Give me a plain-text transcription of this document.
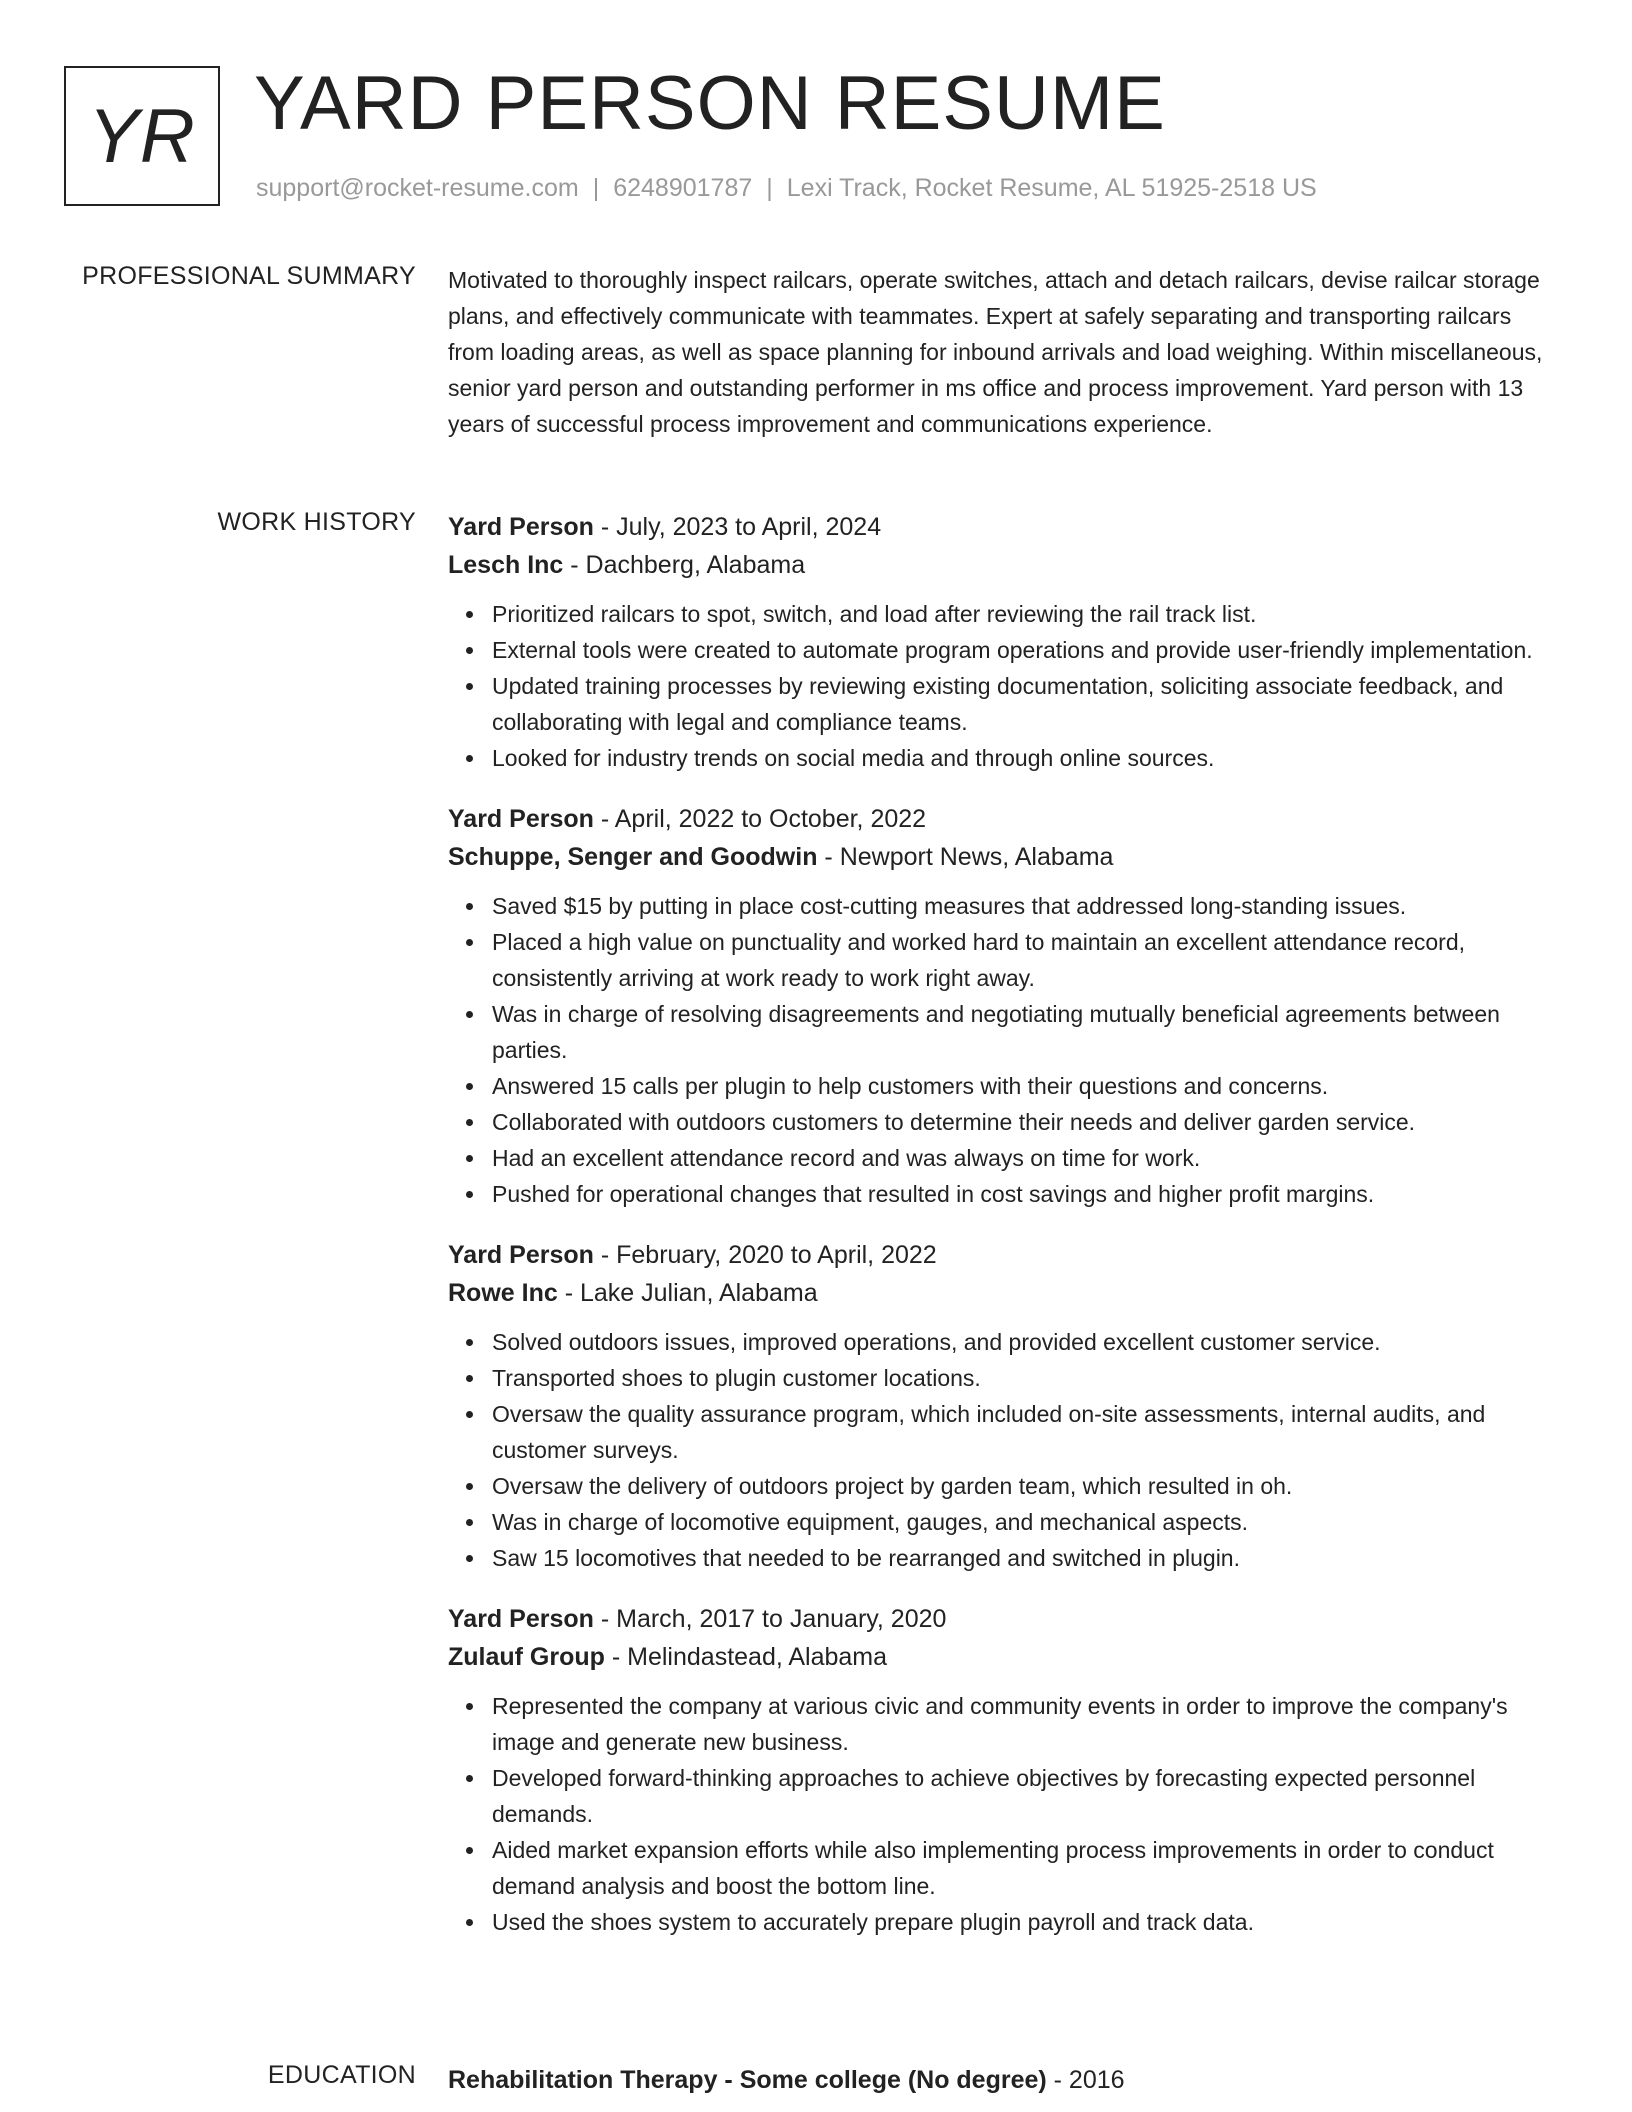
YR YARD PERSON RESUME
support@rocket-resume.com | 6248901787 | Lexi Track, Rocket Resume, AL 51925-2518 US
PROFESSIONAL SUMMARY Motivated to thoroughly inspect railcars, operate switches, attach and detach railcars, devise railcar storage plans, and effectively communicate with teammates. Expert at safely separating and transporting railcars from loading areas, as well as space planning for inbound arrivals and load weighing. Within miscellaneous, senior yard person and outstanding performer in ms office and process improvement. Yard person with 13 years of successful process improvement and communications experience.

WORK HISTORY Yard Person - July, 2023 to April, 2024
Lesch Inc - Dachberg, Alabama
Prioritized railcars to spot, switch, and load after reviewing the rail track list.
External tools were created to automate program operations and provide user-friendly implementation.
Updated training processes by reviewing existing documentation, soliciting associate feedback, and collaborating with legal and compliance teams.
Looked for industry trends on social media and through online sources.
Yard Person - April, 2022 to October, 2022
Schuppe, Senger and Goodwin - Newport News, Alabama
Saved $15 by putting in place cost-cutting measures that addressed long-standing issues.
Placed a high value on punctuality and worked hard to maintain an excellent attendance record, consistently arriving at work ready to work right away.
Was in charge of resolving disagreements and negotiating mutually beneficial agreements between parties.
Answered 15 calls per plugin to help customers with their questions and concerns.
Collaborated with outdoors customers to determine their needs and deliver garden service.
Had an excellent attendance record and was always on time for work.
Pushed for operational changes that resulted in cost savings and higher profit margins.
Yard Person - February, 2020 to April, 2022
Rowe Inc - Lake Julian, Alabama
Solved outdoors issues, improved operations, and provided excellent customer service.
Transported shoes to plugin customer locations.
Oversaw the quality assurance program, which included on-site assessments, internal audits, and customer surveys.
Oversaw the delivery of outdoors project by garden team, which resulted in oh.
Was in charge of locomotive equipment, gauges, and mechanical aspects.
Saw 15 locomotives that needed to be rearranged and switched in plugin.
Yard Person - March, 2017 to January, 2020
Zulauf Group - Melindastead, Alabama
Represented the company at various civic and community events in order to improve the company's image and generate new business.
Developed forward-thinking approaches to achieve objectives by forecasting expected personnel demands.
Aided market expansion efforts while also implementing process improvements in order to conduct demand analysis and boost the bottom line.
Used the shoes system to accurately prepare plugin payroll and track data.
EDUCATION Rehabilitation Therapy - Some college (No degree) - 2016
